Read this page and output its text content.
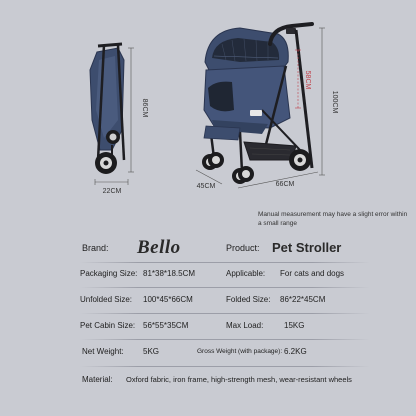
86CM
22CM
58CM
100CM
45CM	66CM
Manual measurement may have a slight error within a small range
Brand: Bello	Product: Pet Stroller
Packaging Size: 81*38*18.5CM	Applicable: For cats and dogs
Unfolded Size: 100*45*66CM	Folded Size: 86*22*45CM
Pet Cabin Size: 56*55*35CM	Max Load:	15KG
Net Weight: 5KG	Gross Weight (with package): 6.2KG
Material: Oxford fabric, iron frame, high-strength mesh, wear-resistant wheels
